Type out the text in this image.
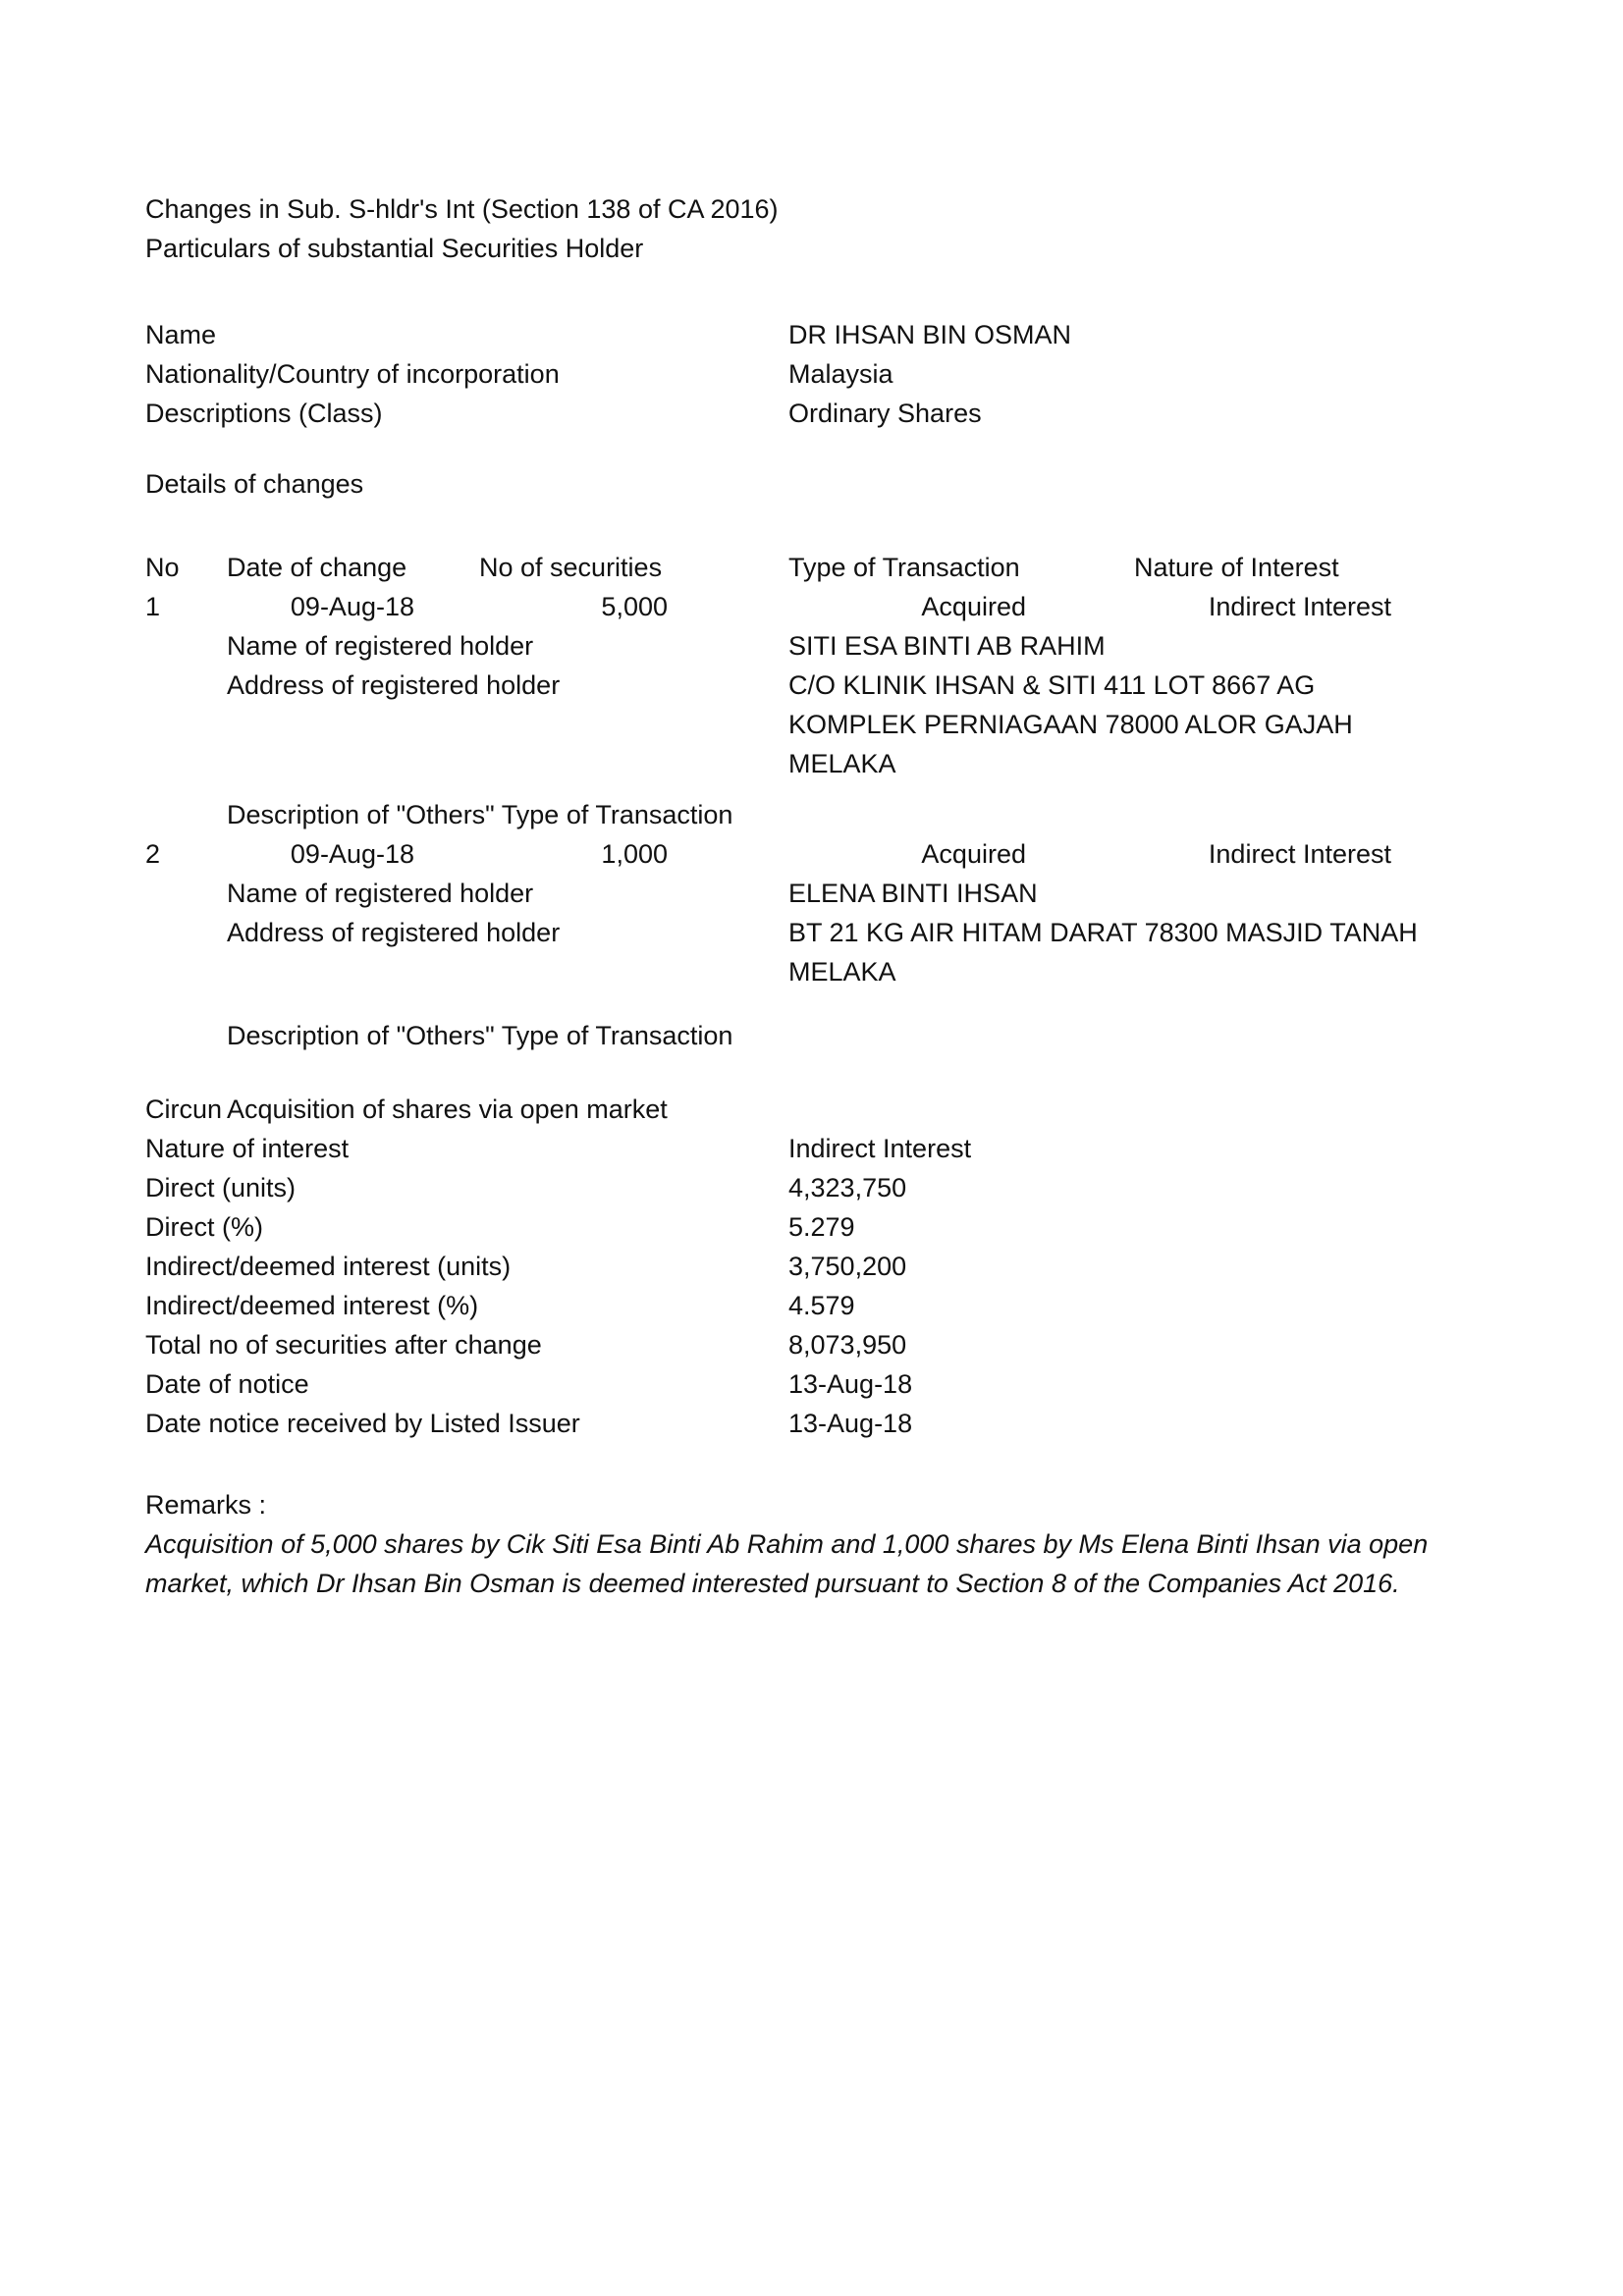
Changes in Sub. S-hldr's Int (Section 138 of CA 2016)
Particulars of substantial Securities Holder
Name	DR IHSAN BIN OSMAN
Nationality/Country of incorporation	Malaysia
Descriptions (Class)	Ordinary Shares
Details of changes
No Date of change	No of securities	Type of Transaction	Nature of Interest
1	09-Aug-18	5,000	Acquired	Indirect Interest
Name of registered holder	SITI ESA BINTI AB RAHIM
Address of registered holder	C/O KLINIK IHSAN & SITI 411 LOT 8667 AG KOMPLEK PERNIAGAAN 78000 ALOR GAJAH MELAKA
Description of "Others" Type of Transaction
2	09-Aug-18	1,000	Acquired	Indirect Interest
Name of registered holder	ELENA BINTI IHSAN
Address of registered holder	BT 21 KG AIR HITAM DARAT 78300 MASJID TANAH MELAKA
Description of "Others" Type of Transaction
Circun Acquisition of shares via open market
Nature of interest	Indirect Interest
Direct (units)	4,323,750
Direct (%)	5.279
Indirect/deemed interest (units)	3,750,200
Indirect/deemed interest (%)	4.579
Total no of securities after change	8,073,950
Date of notice	13-Aug-18
Date notice received by Listed Issuer	13-Aug-18
Remarks :
Acquisition of 5,000 shares by Cik Siti Esa Binti Ab Rahim and 1,000 shares by Ms Elena Binti Ihsan via open market, which Dr Ihsan Bin Osman is deemed interested pursuant to Section 8 of the Companies Act 2016.
